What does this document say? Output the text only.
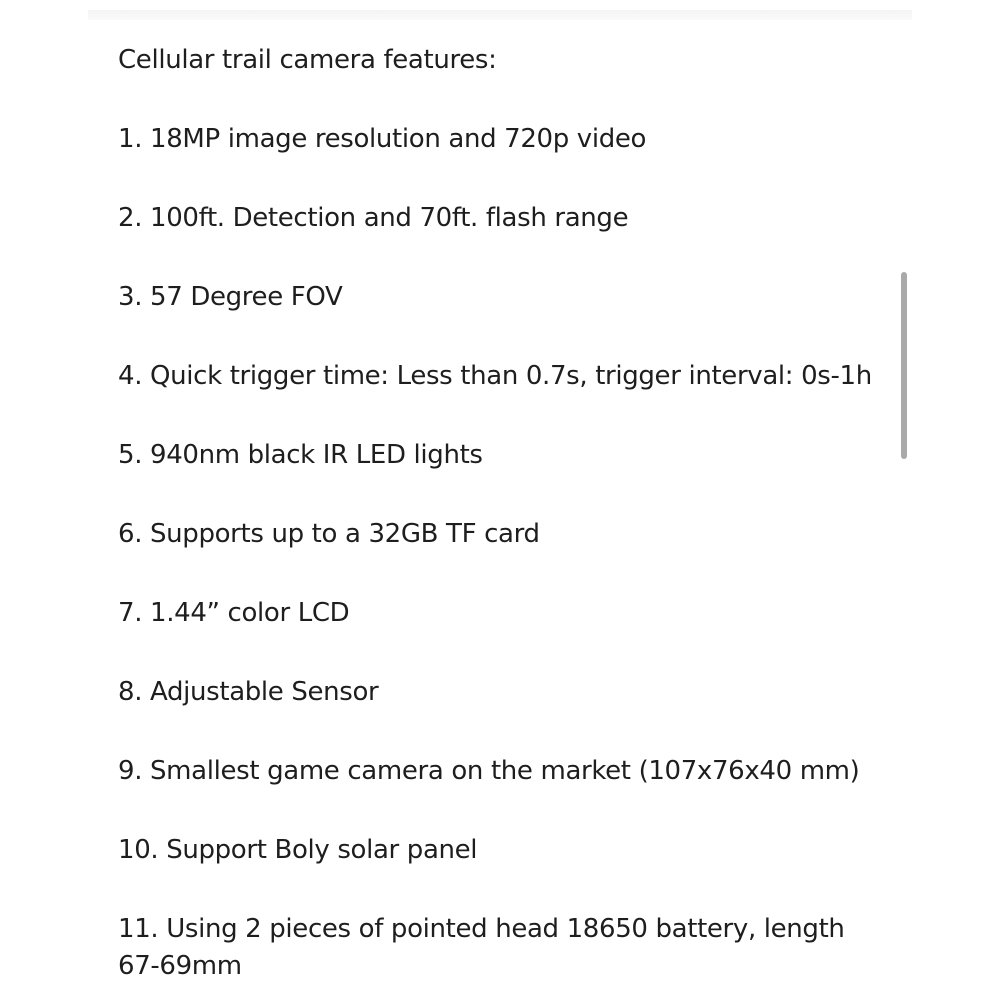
Cellular trail camera features:
1. 18MP image resolution and 720p video
2. 100ft. Detection and 70ft. flash range
3. 57 Degree FOV
4. Quick trigger time: Less than 0.7s, trigger interval: 0s-1h
5. 940nm black IR LED lights
6. Supports up to a 32GB TF card
7. 1.44” color LCD
8. Adjustable Sensor
9. Smallest game camera on the market (107x76x40 mm)
10. Support Boly solar panel
11. Using 2 pieces of pointed head 18650 battery, length 67-69mm
